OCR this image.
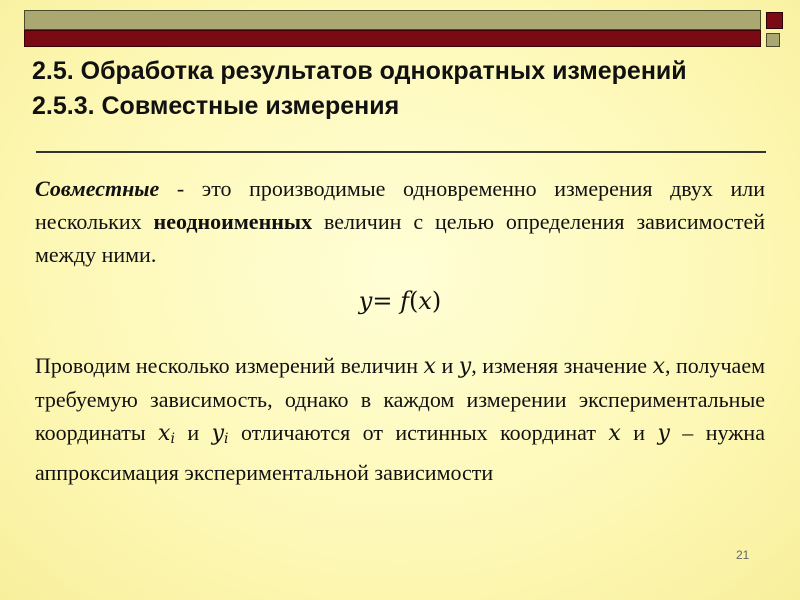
2.5. Обработка результатов однократных измерений
2.5.3. Совместные измерения
Совместные - это производимые одновременно измерения двух или нескольких неодноименных величин с целью определения зависимостей между ними.
y= f(x)
Проводим несколько измерений величин x и y, изменяя значение x, получаем требуемую зависимость, однако в каждом измерении экспериментальные координаты $x_i$ и $y_i$ отличаются от истинных координат x и y – нужна аппроксимация экспериментальной зависимости
21
